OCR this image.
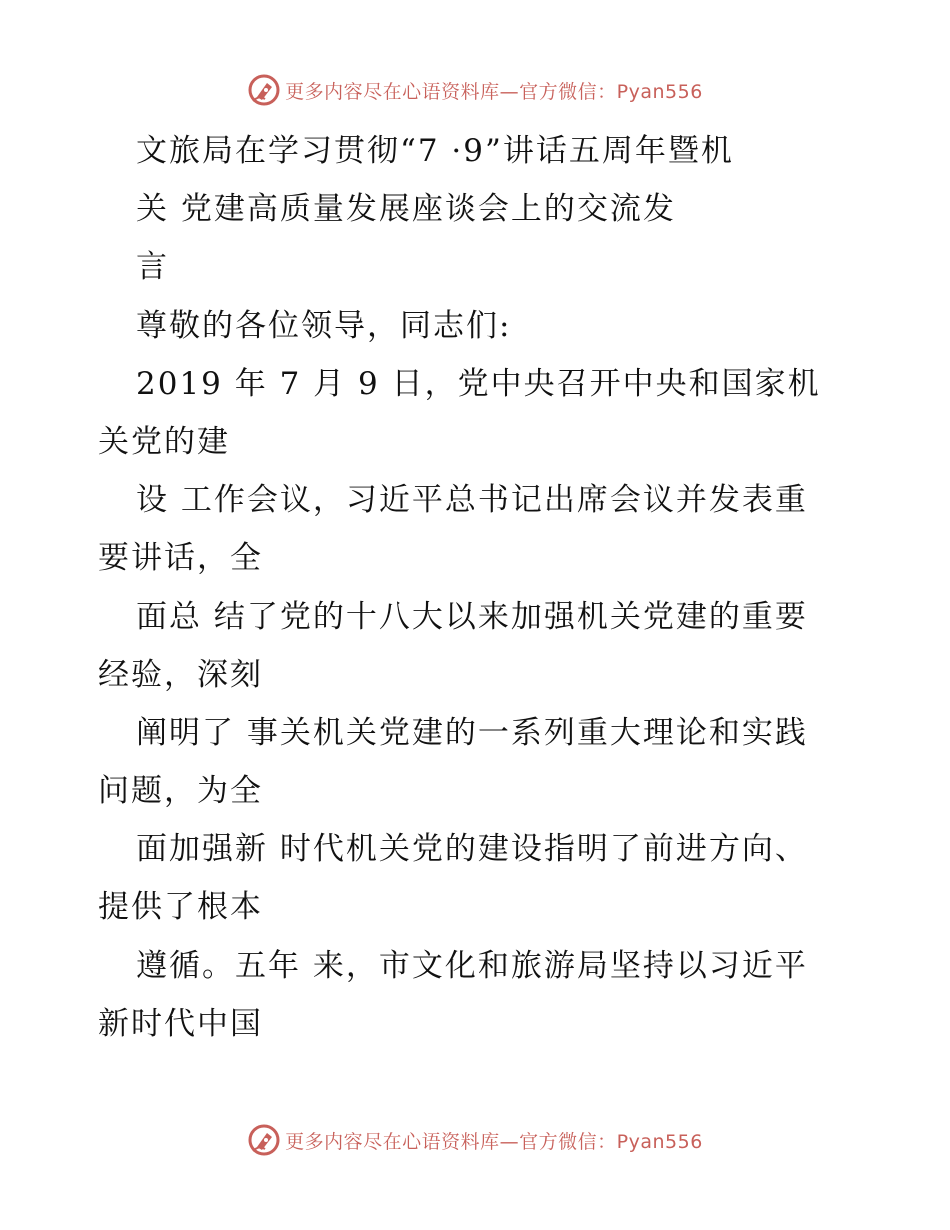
更多内容尽在心语资料库—官方微信：Pyan556
文旅局在学习贯彻“7 ·9”讲话五周年暨机
关 党建高质量发展座谈会上的交流发
言
尊敬的各位领导，同志们:
2019 年 7 月 9 日，党中央召开中央和国家机
关党的建
设 工作会议，习近平总书记出席会议并发表重
要讲话，全
面总 结了党的十八大以来加强机关党建的重要
经验，深刻
阐明了 事关机关党建的一系列重大理论和实践
问题，为全
面加强新 时代机关党的建设指明了前进方向、
提供了根本
遵循。五年 来，市文化和旅游局坚持以习近平
新时代中国
更多内容尽在心语资料库—官方微信：Pyan556
